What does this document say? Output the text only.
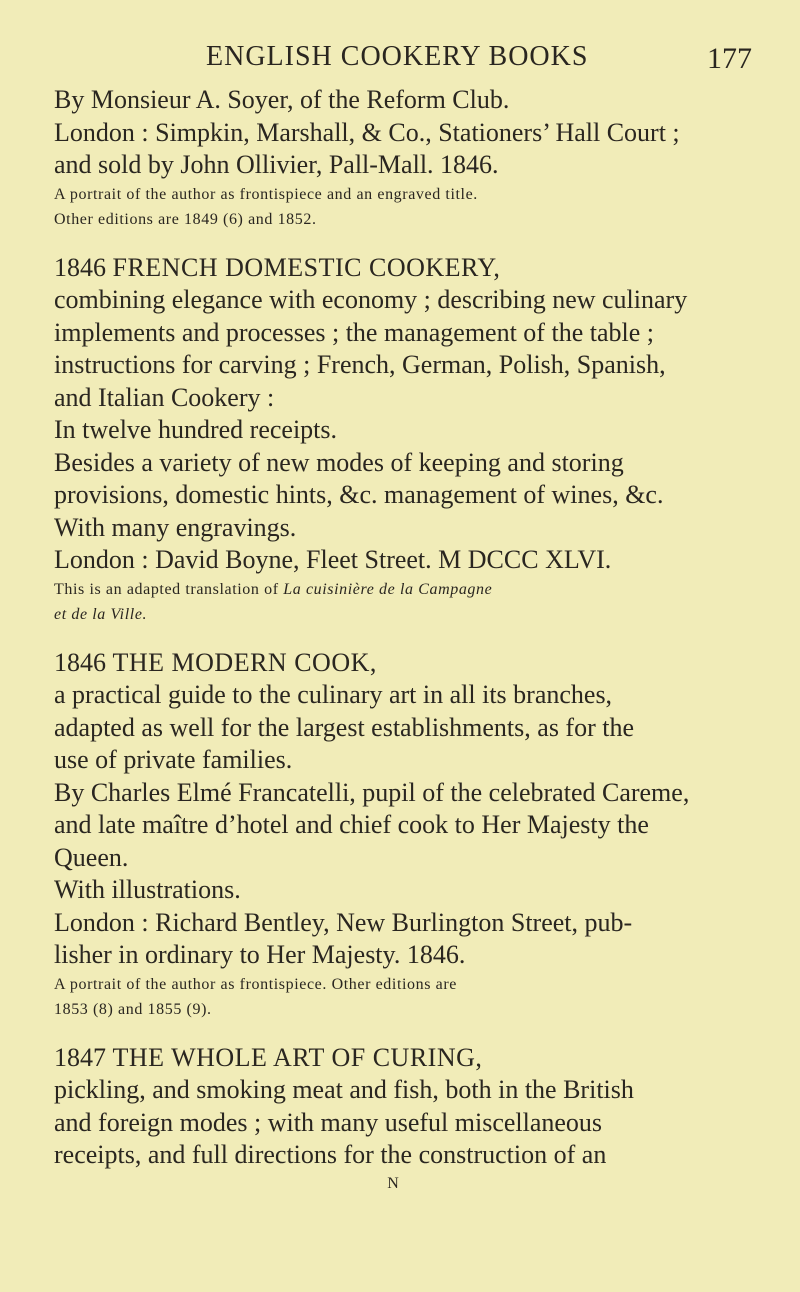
ENGLISH COOKERY BOOKS	177

By Monsieur A. Soyer, of the Reform Club.

London : Simpkin, Marshall, & Co., Stationers’ Hall Court ;

and sold by John Ollivier, Pall-Mall. 1846.

A portrait of the author as frontispiece and an engraved title.

Other editions are 1849 (6) and 1852.

1846 FRENCH DOMESTIC COOKERY,

combining elegance with economy ; describing new culinary

implements and processes ; the management of the table ;

instructions for carving ; French, German, Polish, Spanish,

and Italian Cookery :

In twelve hundred receipts.

Besides a variety of new modes of keeping and storing

provisions, domestic hints, &c. management of wines, &c.

With many engravings.

London : David Boyne, Fleet Street. M DCCC XLVI.

This is an adapted translation of La cuisinière de la Campagne

et de la Ville.

1846 THE MODERN COOK,

a practical guide to the culinary art in all its branches,

adapted as well for the largest establishments, as for the

use of private families.

By Charles Elmé Francatelli, pupil of the celebrated Careme,

and late maître d’hotel and chief cook to Her Majesty the

Queen.

With illustrations.

London : Richard Bentley, New Burlington Street, pub-

lisher in ordinary to Her Majesty. 1846.

A portrait of the author as frontispiece. Other editions are

1853 (8) and 1855 (9).

1847 THE WHOLE ART OF CURING,

pickling, and smoking meat and fish, both in the British

and foreign modes ; with many useful miscellaneous

receipts, and full directions for the construction of an

N
